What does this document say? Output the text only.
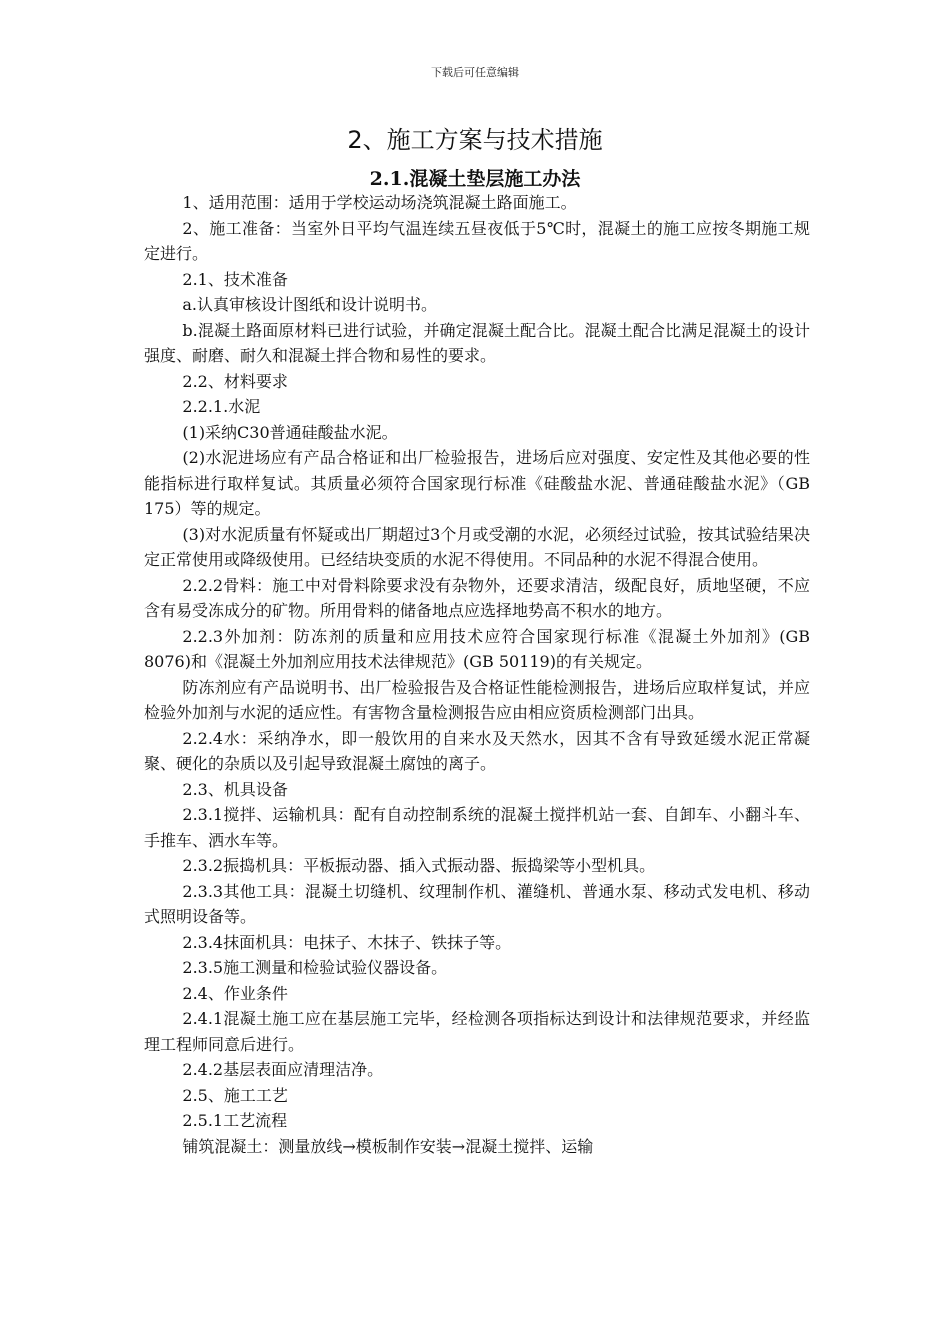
下载后可任意编辑
2、施工方案与技术措施
2.1.混凝土垫层施工办法

1、适用范围：适用于学校运动场浇筑混凝土路面施工。

2、施工准备：当室外日平均气温连续五昼夜低于5℃时，混凝土的施工应按冬期施工规定进行。

2.1、技术准备

a.认真审核设计图纸和设计说明书。

b.混凝土路面原材料已进行试验，并确定混凝土配合比。混凝土配合比满足混凝土的设计强度、耐磨、耐久和混凝土拌合物和易性的要求。

2.2、材料要求

2.2.1.水泥

(1)采纳C30普通硅酸盐水泥。

(2)水泥进场应有产品合格证和出厂检验报告，进场后应对强度、安定性及其他必要的性能指标进行取样复试。其质量必须符合国家现行标准《硅酸盐水泥、普通硅酸盐水泥》（GB 175）等的规定。

(3)对水泥质量有怀疑或出厂期超过3个月或受潮的水泥，必须经过试验，按其试验结果决定正常使用或降级使用。已经结块变质的水泥不得使用。不同品种的水泥不得混合使用。

2.2.2骨料：施工中对骨料除要求没有杂物外，还要求清洁，级配良好，质地坚硬，不应含有易受冻成分的矿物。所用骨料的储备地点应选择地势高不积水的地方。

2.2.3外加剂：防冻剂的质量和应用技术应符合国家现行标准《混凝土外加剂》(GB 8076)和《混凝土外加剂应用技术法律规范》(GB 50119)的有关规定。

防冻剂应有产品说明书、出厂检验报告及合格证性能检测报告，进场后应取样复试，并应检验外加剂与水泥的适应性。有害物含量检测报告应由相应资质检测部门出具。

2.2.4水：采纳净水，即一般饮用的自来水及天然水，因其不含有导致延缓水泥正常凝聚、硬化的杂质以及引起导致混凝土腐蚀的离子。

2.3、机具设备

2.3.1搅拌、运输机具：配有自动控制系统的混凝土搅拌机站一套、自卸车、小翻斗车、手推车、洒水车等。

2.3.2振捣机具：平板振动器、插入式振动器、振捣梁等小型机具。

2.3.3其他工具：混凝土切缝机、纹理制作机、灌缝机、普通水泵、移动式发电机、移动式照明设备等。

2.3.4抹面机具：电抹子、木抹子、铁抹子等。

2.3.5施工测量和检验试验仪器设备。

2.4、作业条件

2.4.1混凝土施工应在基层施工完毕，经检测各项指标达到设计和法律规范要求，并经监理工程师同意后进行。

2.4.2基层表面应清理洁净。

2.5、施工工艺

2.5.1工艺流程

铺筑混凝土：测量放线→模板制作安装→混凝土搅拌、运输
